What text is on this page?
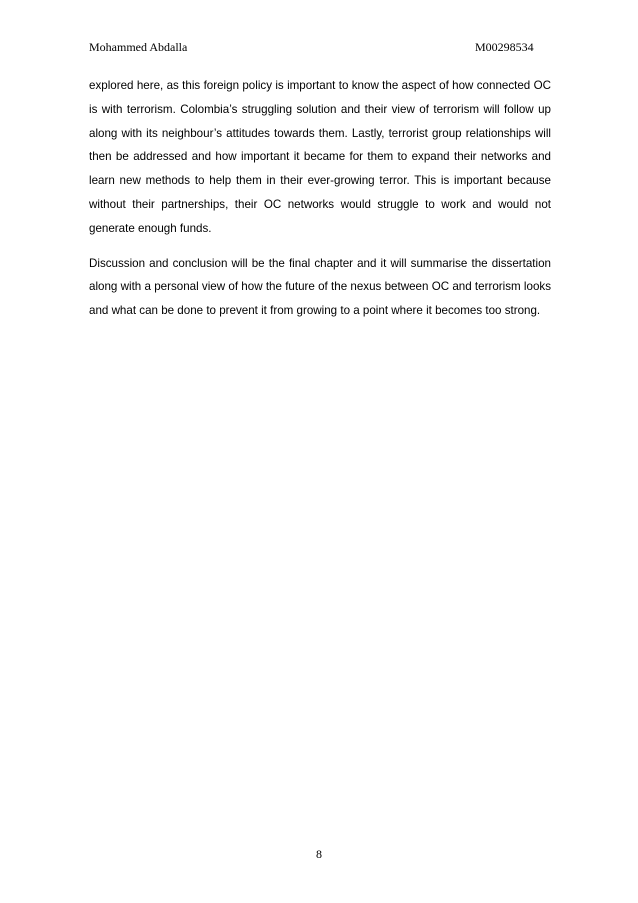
Mohammed Abdalla	M00298534

explored here, as this foreign policy is important to know the aspect of how connected OC is with terrorism. Colombia’s struggling solution and their view of terrorism will follow up along with its neighbour’s attitudes towards them. Lastly, terrorist group relationships will then be addressed and how important it became for them to expand their networks and learn new methods to help them in their ever-growing terror. This is important because without their partnerships, their OC networks would struggle to work and would not generate enough funds.

Discussion and conclusion will be the final chapter and it will summarise the dissertation along with a personal view of how the future of the nexus between OC and terrorism looks and what can be done to prevent it from growing to a point where it becomes too strong.

8
